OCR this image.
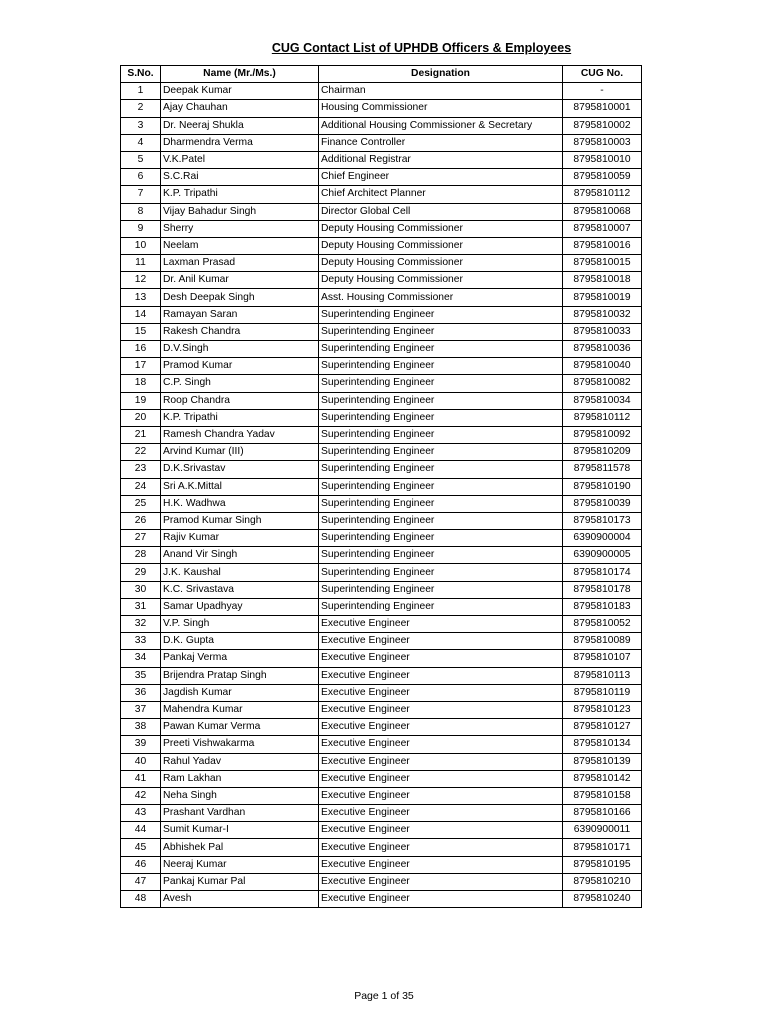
CUG Contact List of UPHDB Officers & Employees
S.No.	Name (Mr./Ms.)	Designation	CUG No.
1	Deepak Kumar	Chairman	-
2	Ajay Chauhan	Housing Commissioner	8795810001
3	Dr. Neeraj Shukla	Additional Housing Commissioner & Secretary	8795810002
4	Dharmendra Verma	Finance Controller	8795810003
5	V.K.Patel	Additional Registrar	8795810010
6	S.C.Rai	Chief Engineer	8795810059
7	K.P. Tripathi	Chief Architect Planner	8795810112
8	Vijay Bahadur Singh	Director Global Cell	8795810068
9	Sherry	Deputy Housing Commissioner	8795810007
10	Neelam	Deputy Housing Commissioner	8795810016
11	Laxman Prasad	Deputy Housing Commissioner	8795810015
12	Dr. Anil Kumar	Deputy Housing Commissioner	8795810018
13	Desh Deepak Singh	Asst. Housing Commissioner	8795810019
14	Ramayan Saran	Superintending Engineer	8795810032
15	Rakesh Chandra	Superintending Engineer	8795810033
16	D.V.Singh	Superintending Engineer	8795810036
17	Pramod Kumar	Superintending Engineer	8795810040
18	C.P. Singh	Superintending Engineer	8795810082
19	Roop Chandra	Superintending Engineer	8795810034
20	K.P. Tripathi	Superintending Engineer	8795810112
21	Ramesh Chandra Yadav	Superintending Engineer	8795810092
22	Arvind Kumar (III)	Superintending Engineer	8795810209
23	D.K.Srivastav	Superintending Engineer	8795811578
24	Sri A.K.Mittal	Superintending Engineer	8795810190
25	H.K. Wadhwa	Superintending Engineer	8795810039
26	Pramod Kumar Singh	Superintending Engineer	8795810173
27	Rajiv Kumar	Superintending Engineer	6390900004
28	Anand Vir Singh	Superintending Engineer	6390900005
29	J.K. Kaushal	Superintending Engineer	8795810174
30	K.C. Srivastava	Superintending Engineer	8795810178
31	Samar Upadhyay	Superintending Engineer	8795810183
32	V.P. Singh	Executive Engineer	8795810052
33	D.K. Gupta	Executive Engineer	8795810089
34	Pankaj Verma	Executive Engineer	8795810107
35	Brijendra Pratap Singh	Executive Engineer	8795810113
36	Jagdish Kumar	Executive Engineer	8795810119
37	Mahendra Kumar	Executive Engineer	8795810123
38	Pawan Kumar Verma	Executive Engineer	8795810127
39	Preeti Vishwakarma	Executive Engineer	8795810134
40	Rahul Yadav	Executive Engineer	8795810139
41	Ram Lakhan	Executive Engineer	8795810142
42	Neha Singh	Executive Engineer	8795810158
43	Prashant Vardhan	Executive Engineer	8795810166
44	Sumit Kumar-I	Executive Engineer	6390900011
45	Abhishek Pal	Executive Engineer	8795810171
46	Neeraj Kumar	Executive Engineer	8795810195
47	Pankaj Kumar Pal	Executive Engineer	8795810210
48	Avesh	Executive Engineer	8795810240
Page 1 of 35
